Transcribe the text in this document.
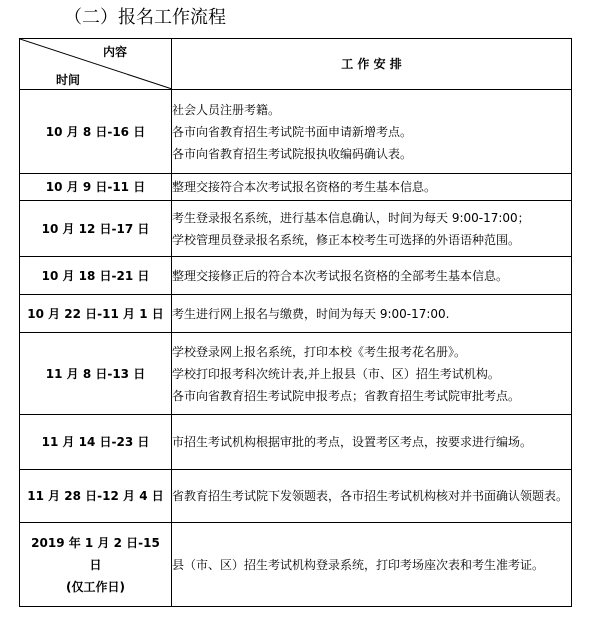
（二）报名工作流程
内容
时间	工 作 安 排

10 月 8 日-16 日	社会人员注册考籍。
各市向省教育招生考试院书面申请新增考点。
各市向省教育招生考试院报执收编码确认表。

10 月 9 日-11 日	整理交接符合本次考试报名资格的考生基本信息。

10 月 12 日-17 日	考生登录报名系统，进行基本信息确认，时间为每天 9:00-17:00；
学校管理员登录报名系统，修正本校考生可选择的外语语种范围。

10 月 18 日-21 日	整理交接修正后的符合本次考试报名资格的全部考生基本信息。

10 月 22 日-11 月 1 日	考生进行网上报名与缴费，时间为每天 9:00-17:00.

11 月 8 日-13 日	学校登录网上报名系统，打印本校《考生报考花名册》。
学校打印报考科次统计表,并上报县（市、区）招生考试机构。
各市向省教育招生考试院申报考点；省教育招生考试院审批考点。

11 月 14 日-23 日	市招生考试机构根据审批的考点，设置考区考点，按要求进行编场。

11 月 28 日-12 月 4 日	省教育招生考试院下发领题表，各市招生考试机构核对并书面确认领题表。

2019 年 1 月 2 日-15
日
(仅工作日)	县（市、区）招生考试机构登录系统，打印考场座次表和考生准考证。
